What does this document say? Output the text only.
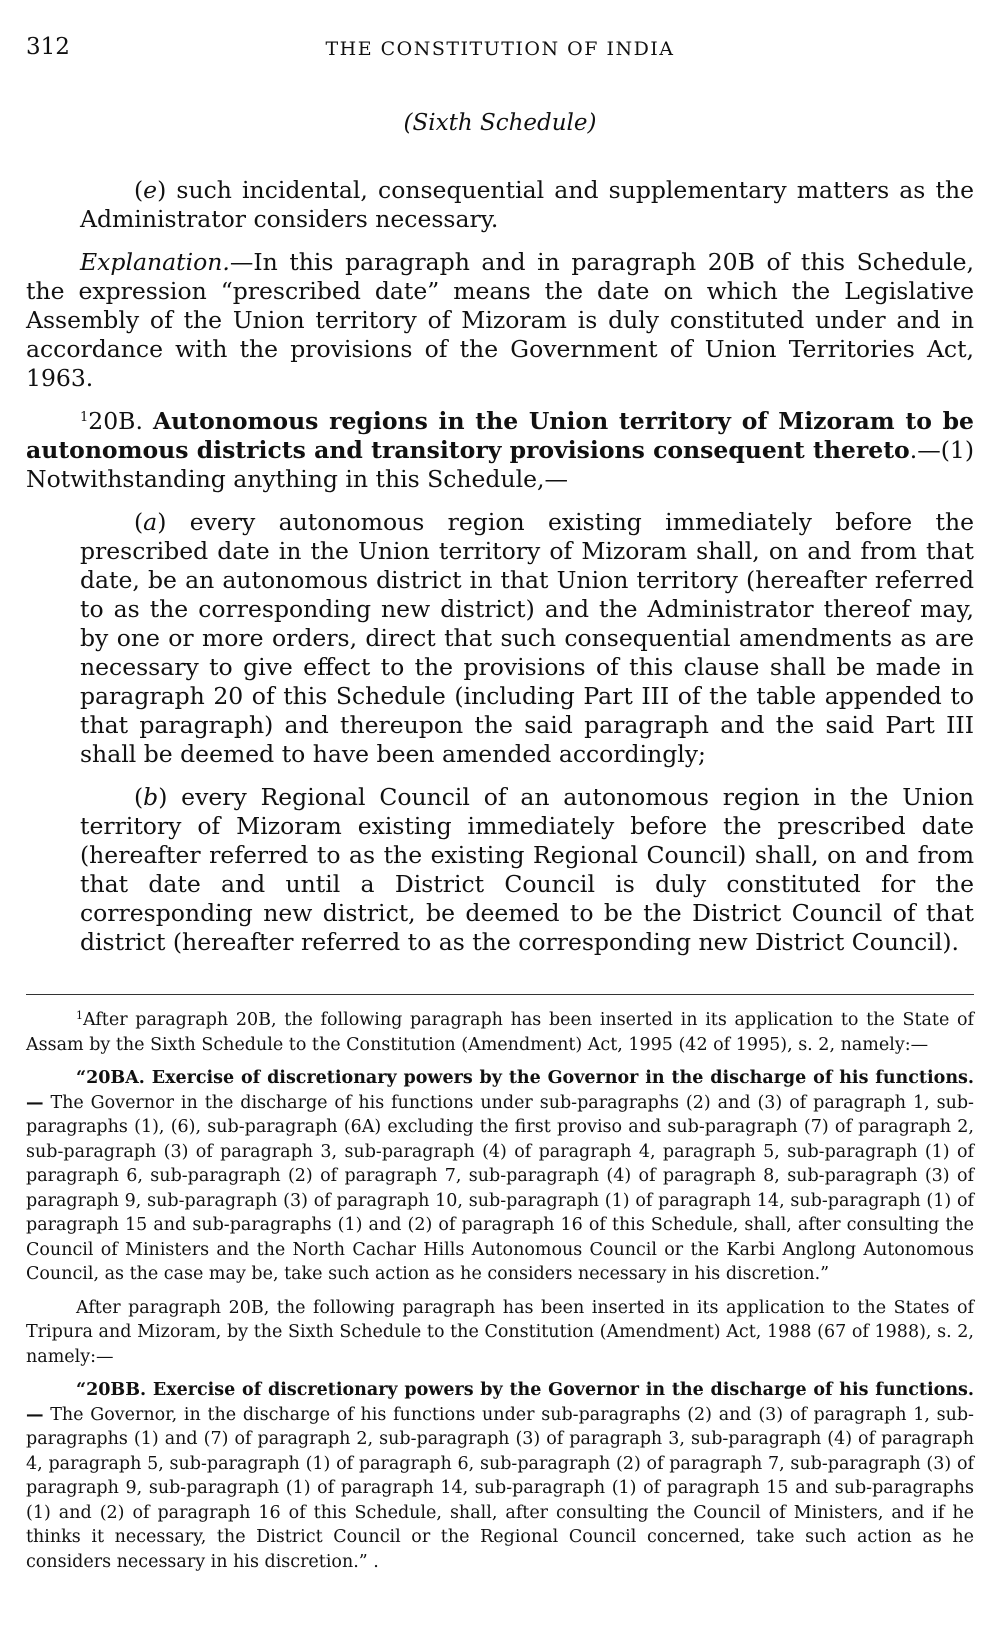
312	THE CONSTITUTION OF INDIA
(Sixth Schedule)

(e) such incidental, consequential and supplementary matters as the Administrator considers necessary.

Explanation.—In this paragraph and in paragraph 20B of this Schedule, the expression “prescribed date” means the date on which the Legislative Assembly of the Union territory of Mizoram is duly constituted under and in accordance with the provisions of the Government of Union Territories Act, 1963.

$^1$20B. Autonomous regions in the Union territory of Mizoram to be autonomous districts and transitory provisions consequent thereto.—(1) Notwithstanding anything in this Schedule,—

(a) every autonomous region existing immediately before the prescribed date in the Union territory of Mizoram shall, on and from that date, be an autonomous district in that Union territory (hereafter referred to as the corresponding new district) and the Administrator thereof may, by one or more orders, direct that such consequential amendments as are necessary to give effect to the provisions of this clause shall be made in paragraph 20 of this Schedule (including Part III of the table appended to that paragraph) and thereupon the said paragraph and the said Part III shall be deemed to have been amended accordingly;

(b) every Regional Council of an autonomous region in the Union territory of Mizoram existing immediately before the prescribed date (hereafter referred to as the existing Regional Council) shall, on and from that date and until a District Council is duly constituted for the corresponding new district, be deemed to be the District Council of that district (hereafter referred to as the corresponding new District Council).

$^1$After paragraph 20B, the following paragraph has been inserted in its application to the State of Assam by the Sixth Schedule to the Constitution (Amendment) Act, 1995 (42 of 1995), s. 2, namely:—

“20BA. Exercise of discretionary powers by the Governor in the discharge of his functions.— The Governor in the discharge of his functions under sub-paragraphs (2) and (3) of paragraph 1, sub-paragraphs (1), (6), sub-paragraph (6A) excluding the first proviso and sub-paragraph (7) of paragraph 2, sub-paragraph (3) of paragraph 3, sub-paragraph (4) of paragraph 4, paragraph 5, sub-paragraph (1) of paragraph 6, sub-paragraph (2) of paragraph 7, sub-paragraph (4) of paragraph 8, sub-paragraph (3) of paragraph 9, sub-paragraph (3) of paragraph 10, sub-paragraph (1) of paragraph 14, sub-paragraph (1) of paragraph 15 and sub-paragraphs (1) and (2) of paragraph 16 of this Schedule, shall, after consulting the Council of Ministers and the North Cachar Hills Autonomous Council or the Karbi Anglong Autonomous Council, as the case may be, take such action as he considers necessary in his discretion.”

After paragraph 20B, the following paragraph has been inserted in its application to the States of Tripura and Mizoram, by the Sixth Schedule to the Constitution (Amendment) Act, 1988 (67 of 1988), s. 2, namely:—

“20BB. Exercise of discretionary powers by the Governor in the discharge of his functions.— The Governor, in the discharge of his functions under sub-paragraphs (2) and (3) of paragraph 1, sub-paragraphs (1) and (7) of paragraph 2, sub-paragraph (3) of paragraph 3, sub-paragraph (4) of paragraph 4, paragraph 5, sub-paragraph (1) of paragraph 6, sub-paragraph (2) of paragraph 7, sub-paragraph (3) of paragraph 9, sub-paragraph (1) of paragraph 14, sub-paragraph (1) of paragraph 15 and sub-paragraphs (1) and (2) of paragraph 16 of this Schedule, shall, after consulting the Council of Ministers, and if he thinks it necessary, the District Council or the Regional Council concerned, take such action as he considers necessary in his discretion.” .
